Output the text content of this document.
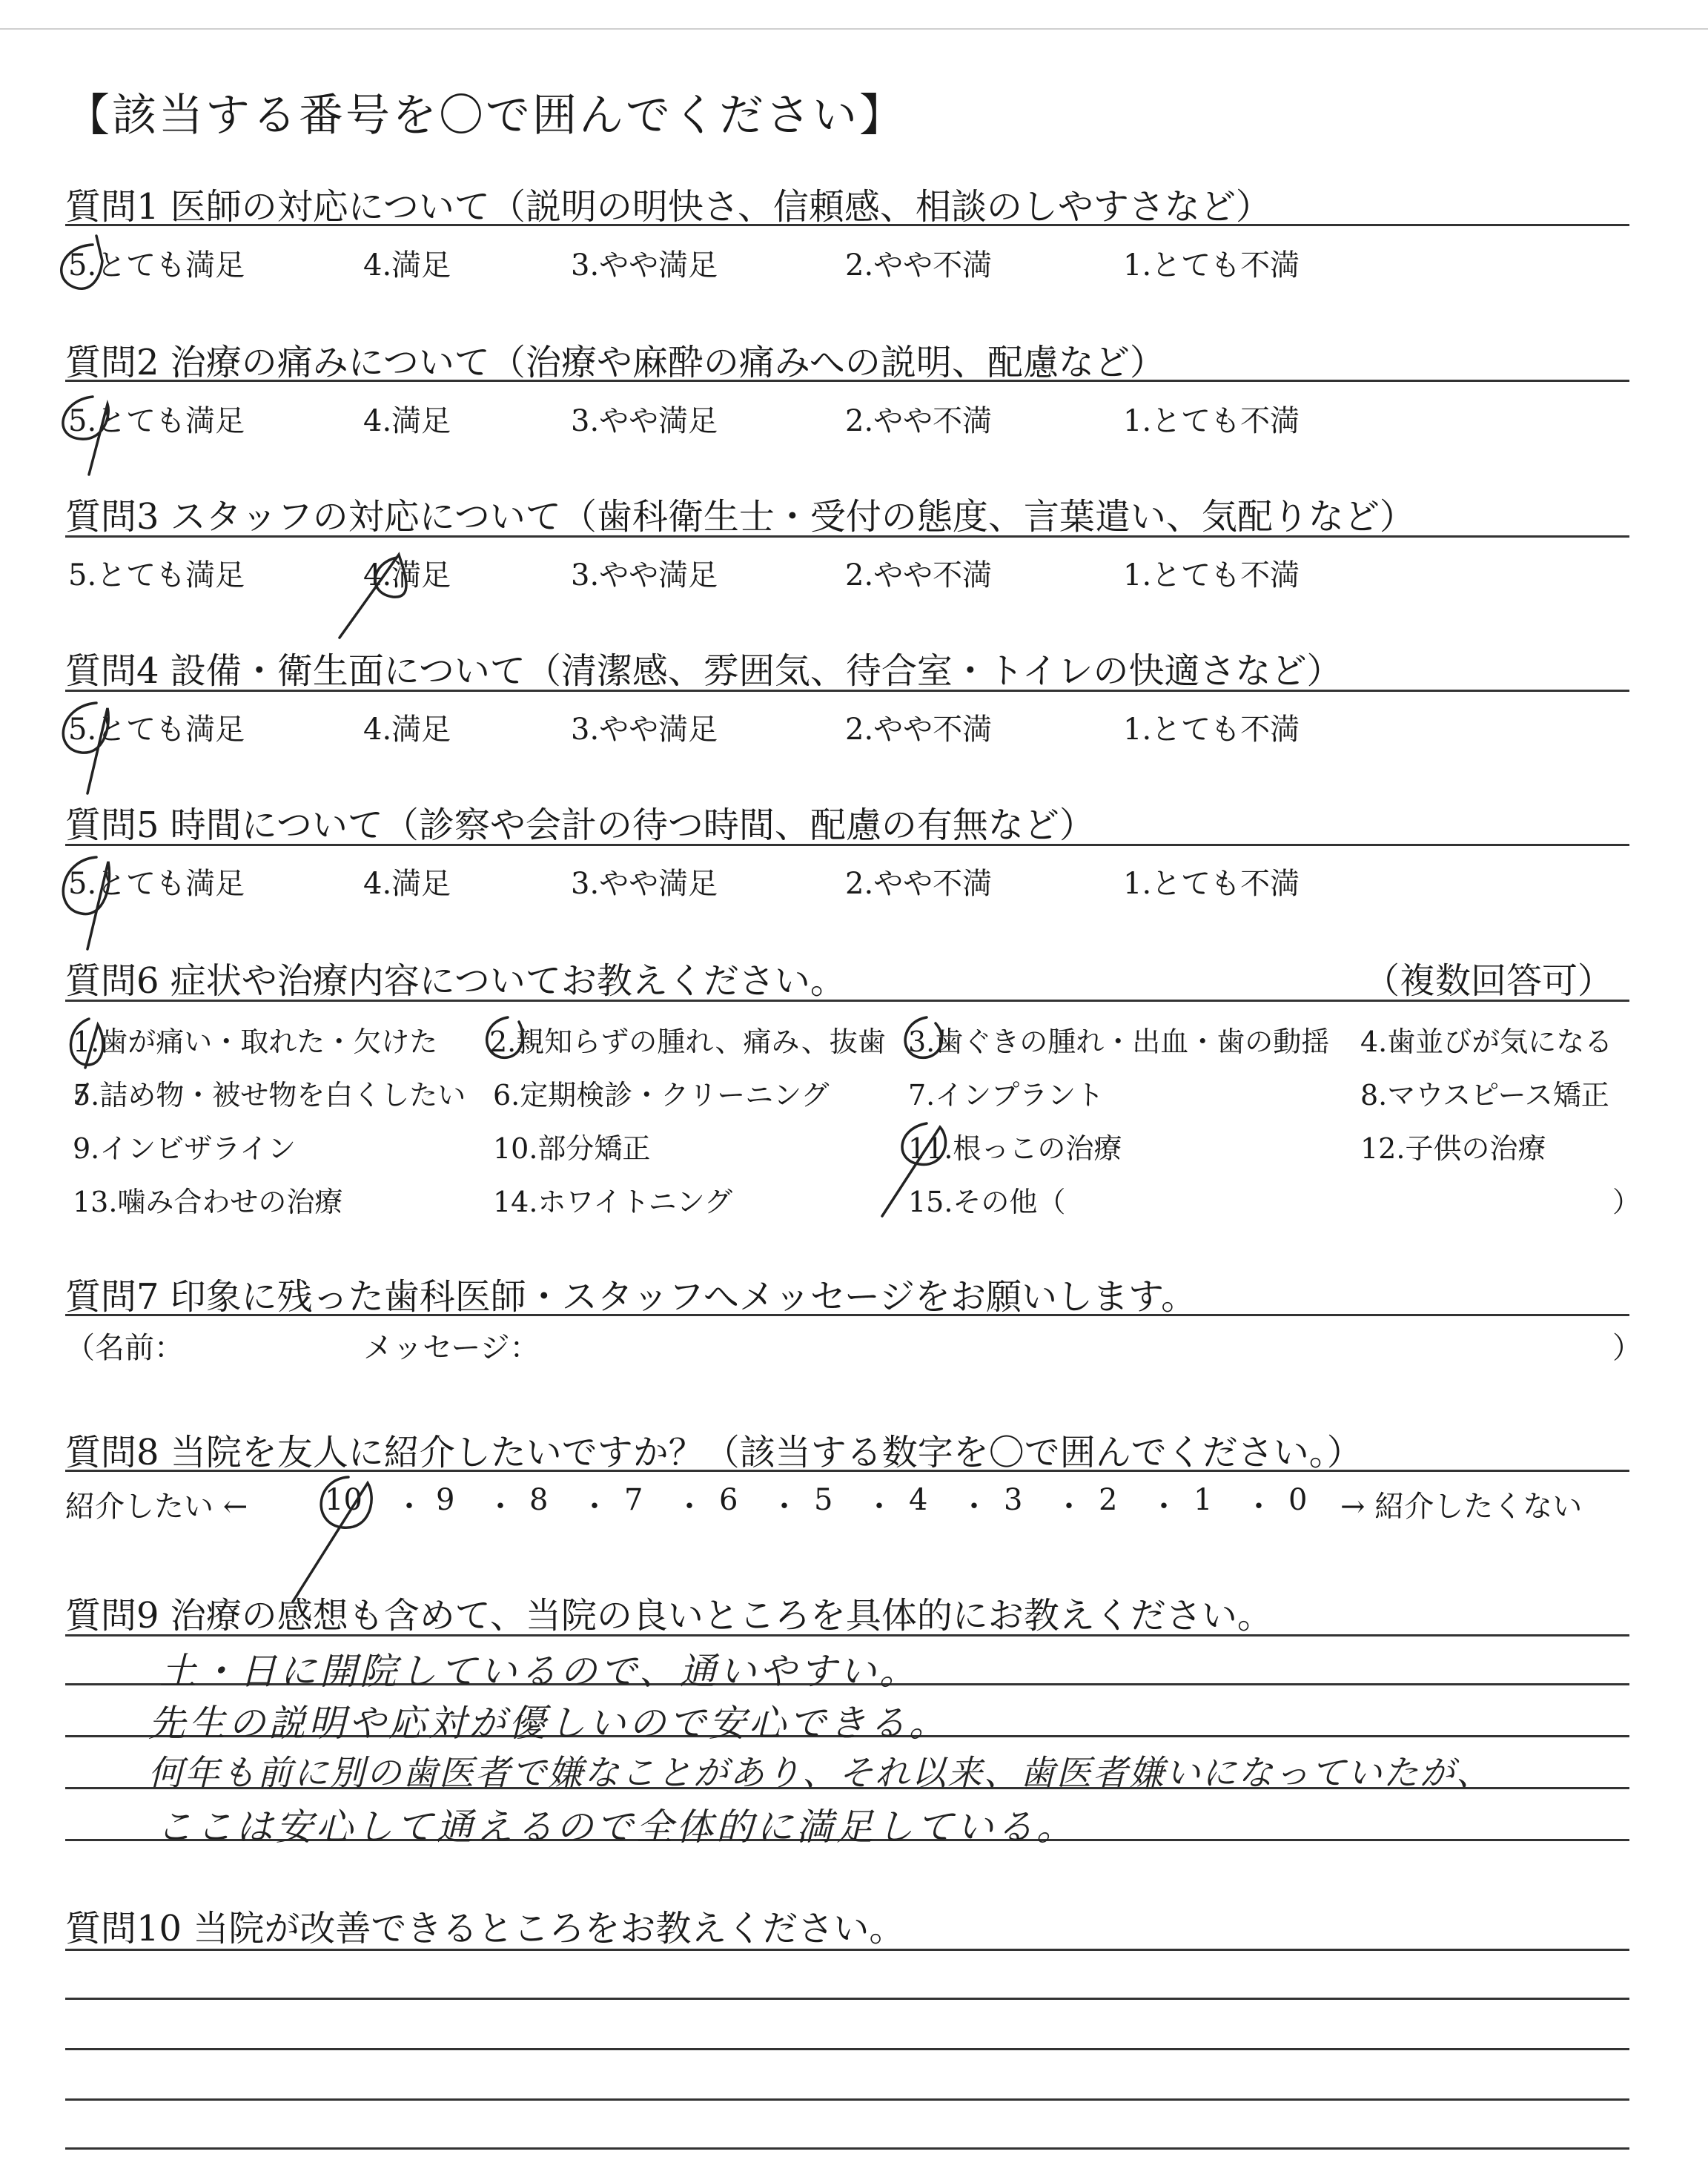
【該当する番号を〇で囲んでください】
質問1 医師の対応について（説明の明快さ、信頼感、相談のしやすさなど）
5.とても満足	4.満足	3.やや満足	2.やや不満	1.とても不満
質問2 治療の痛みについて（治療や麻酔の痛みへの説明、配慮など）
5.とても満足	4.満足	3.やや満足	2.やや不満	1.とても不満
質問3 スタッフの対応について（歯科衛生士・受付の態度、言葉遣い、気配りなど）
5.とても満足	4.満足	3.やや満足	2.やや不満	1.とても不満
質問4 設備・衛生面について（清潔感、雰囲気、待合室・トイレの快適さなど）
5.とても満足	4.満足	3.やや満足	2.やや不満	1.とても不満
質問5 時間について（診察や会計の待つ時間、配慮の有無など）
5.とても満足	4.満足	3.やや満足	2.やや不満	1.とても不満
質問6 症状や治療内容についてお教えください。	（複数回答可）
1.歯が痛い・取れた・欠けた 2.親知らずの腫れ、痛み、抜歯 3.歯ぐきの腫れ・出血・歯の動揺 4.歯並びが気になる
5.詰め物・被せ物を白くしたい 6.定期検診・クリーニング	7.インプラント	8.マウスピース矯正
9.インビザライン	10.部分矯正	11.根っこの治療	12.子供の治療
13.噛み合わせの治療	14.ホワイトニング	15.その他（	）
質問7 印象に残った歯科医師・スタッフへメッセージをお願いします。
（名前：	メッセージ：	）
質問8 当院を友人に紹介したいですか？（該当する数字を〇で囲んでください。）
紹介したい ←	10 ・ 9 ・ 8 ・ 7 ・ 6 ・ 5 ・ 4 ・ 3 ・ 2 ・ 1 ・ 0 → 紹介したくない
質問9 治療の感想も含めて、当院の良いところを具体的にお教えください。
土・日に開院しているので、通いやすい。
先生の説明や応対が優しいので安心できる。
何年も前に別の歯医者で嫌なことがあり、それ以来、歯医者嫌いになっていたが、
ここは安心して通えるので全体的に満足している。
質問10 当院が改善できるところをお教えください。
